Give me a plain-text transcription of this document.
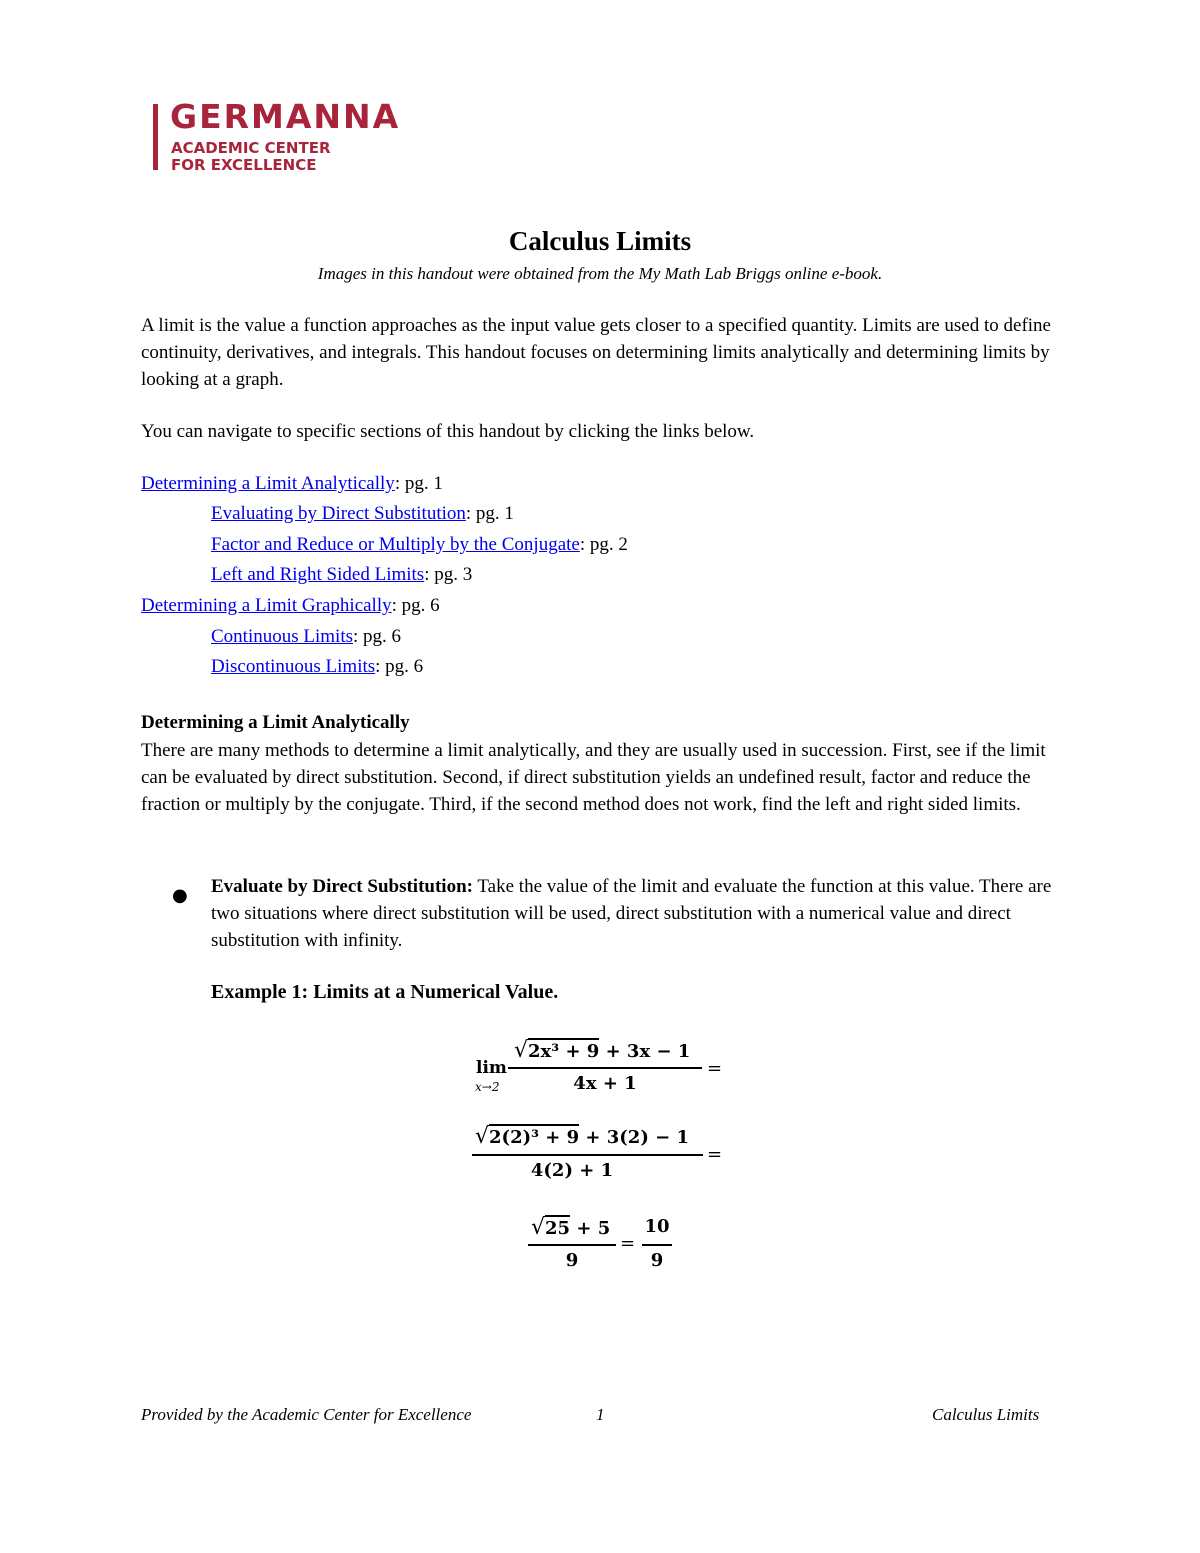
GERMANNA
ACADEMIC CENTER
FOR EXCELLENCE
Calculus Limits
Images in this handout were obtained from the My Math Lab Briggs online e-book.
A limit is the value a function approaches as the input value gets closer to a specified quantity. Limits are used to define continuity, derivatives, and integrals. This handout focuses on determining limits analytically and determining limits by looking at a graph.
You can navigate to specific sections of this handout by clicking the links below.
Determining a Limit Analytically: pg. 1
Evaluating by Direct Substitution: pg. 1
Factor and Reduce or Multiply by the Conjugate: pg. 2
Left and Right Sided Limits: pg. 3
Determining a Limit Graphically: pg. 6
Continuous Limits: pg. 6
Discontinuous Limits: pg. 6
Determining a Limit Analytically
There are many methods to determine a limit analytically, and they are usually used in succession. First, see if the limit can be evaluated by direct substitution. Second, if direct substitution yields an undefined result, factor and reduce the fraction or multiply by the conjugate. Third, if the second method does not work, find the left and right sided limits.
● Evaluate by Direct Substitution: Take the value of the limit and evaluate the function at this value. There are two situations where direct substitution will be used, direct substitution with a numerical value and direct substitution with infinity.
Example 1: Limits at a Numerical Value.
lim
x→2
√2x³ + 9 + 3x − 1
4x + 1
=
√2(2)³ + 9 + 3(2) − 1
4(2) + 1
=
√25 + 5
9
=
10
9
Provided by the Academic Center for Excellence	1	Calculus Limits
